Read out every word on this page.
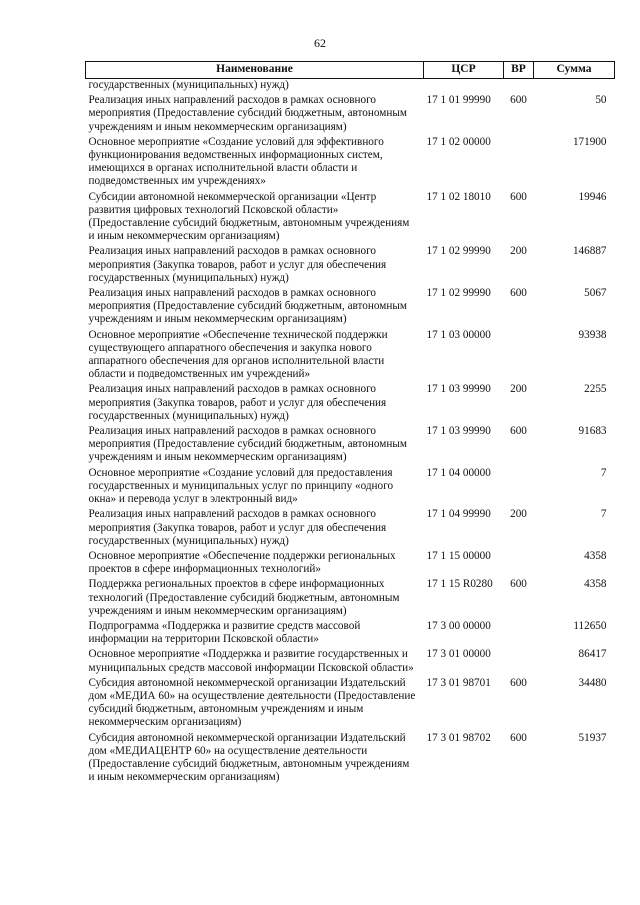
62
Наименование	ЦСР	ВР	Сумма
государственных (муниципальных) нужд)			
Реализация иных направлений расходов в рамках основного мероприятия (Предоставление субсидий бюджетным, автономным учреждениям и иным некоммерческим организациям)	17 1 01 99990	600	50
Основное мероприятие «Создание условий для эффективного функционирования ведомственных информационных систем, имеющихся в органах исполнительной власти области и подведомственных им учреждениях»	17 1 02 00000		171900
Субсидии автономной некоммерческой организации «Центр развития цифровых технологий Псковской области» (Предоставление субсидий бюджетным, автономным учреждениям и иным некоммерческим организациям)	17 1 02 18010	600	19946
Реализация иных направлений расходов в рамках основного мероприятия (Закупка товаров, работ и услуг для обеспечения государственных (муниципальных) нужд)	17 1 02 99990	200	146887
Реализация иных направлений расходов в рамках основного мероприятия (Предоставление субсидий бюджетным, автономным учреждениям и иным некоммерческим организациям)	17 1 02 99990	600	5067
Основное мероприятие «Обеспечение технической поддержки существующего аппаратного обеспечения и закупка нового аппаратного обеспечения для органов исполнительной власти области и подведомственных им учреждений»	17 1 03 00000		93938
Реализация иных направлений расходов в рамках основного мероприятия (Закупка товаров, работ и услуг для обеспечения государственных (муниципальных) нужд)	17 1 03 99990	200	2255
Реализация иных направлений расходов в рамках основного мероприятия (Предоставление субсидий бюджетным, автономным учреждениям и иным некоммерческим организациям)	17 1 03 99990	600	91683
Основное мероприятие «Создание условий для предоставления государственных и муниципальных услуг по принципу «одного окна» и перевода услуг в электронный вид»	17 1 04 00000		7
Реализация иных направлений расходов в рамках основного мероприятия (Закупка товаров, работ и услуг для обеспечения государственных (муниципальных) нужд)	17 1 04 99990	200	7
Основное мероприятие «Обеспечение поддержки региональных проектов в сфере информационных технологий»	17 1 15 00000		4358
Поддержка региональных проектов в сфере информационных технологий (Предоставление субсидий бюджетным, автономным учреждениям и иным некоммерческим организациям)	17 1 15 R0280	600	4358
Подпрограмма «Поддержка и развитие средств массовой информации на территории Псковской области»	17 3 00 00000		112650
Основное мероприятие «Поддержка и развитие государственных и муниципальных средств массовой информации Псковской области»	17 3 01 00000		86417
Субсидия автономной некоммерческой организации Издательский дом «МЕДИА 60» на осуществление деятельности (Предоставление субсидий бюджетным, автономным учреждениям и иным некоммерческим организациям)	17 3 01 98701	600	34480
Субсидия автономной некоммерческой организации Издательский дом «МЕДИАЦЕНТР 60» на осуществление деятельности (Предоставление субсидий бюджетным, автономным учреждениям и иным некоммерческим организациям)	17 3 01 98702	600	51937
